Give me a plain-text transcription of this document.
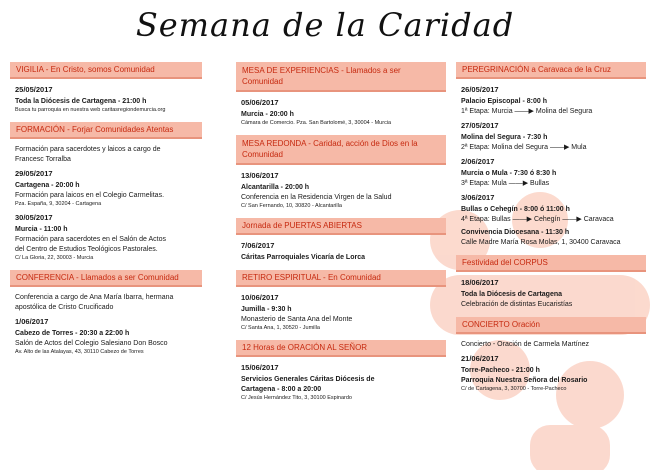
Semana de la Caridad
VIGILIA - En Cristo, somos Comunidad
25/05/2017
Toda la Diócesis de Cartagena - 21:00 h
Busca tu parroquia en nuestra web caritasregiondemurcia.org
FORMACIÓN - Forjar Comunidades Atentas
Formación para sacerdotes y laicos a cargo de
Francesc Torralba
29/05/2017
Cartagena - 20:00 h
Formación para laicos en el Colegio Carmelitas.
Pza. España, 9, 30204 - Cartagena
30/05/2017
Murcia - 11:00 h
Formación para sacerdotes en el Salón de Actos
del Centro de Estudios Teológicos Pastorales.
C/ La Gloria, 22, 30003 - Murcia
CONFERENCIA - Llamados a ser Comunidad
Conferencia a cargo de Ana María Ibarra, hermana
apostólica de Cristo Crucificado
1/06/2017
Cabezo de Torres - 20:30 a 22:00 h
Salón de Actos del Colegio Salesiano Don Bosco
Av. Alto de las Atalayas, 43, 30110 Cabezo de Torres
MESA DE EXPERIENCIAS - Llamados a ser Comunidad
05/06/2017
Murcia - 20:00 h
Cámara de Comercio. Pza. San Bartolomé, 3, 30004 - Murcia
MESA REDONDA - Caridad, acción de Dios en la Comunidad
13/06/2017
Alcantarilla - 20:00 h
Conferencia en la Residencia Virgen de la Salud
C/ San Fernando, 10, 30820 - Alcantarilla
Jornada de PUERTAS ABIERTAS
7/06/2017
Cáritas Parroquiales Vicaría de Lorca
RETIRO ESPIRITUAL - En Comunidad
10/06/2017
Jumilla - 9:30 h
Monasterio de Santa Ana del Monte
C/ Santa Ana, 1, 30520 - Jumilla
12 Horas de ORACIÓN AL SEÑOR
15/06/2017
Servicios Generales Cáritas Diócesis de
Cartagena - 8:00 a 20:00
C/ Jesús Hernández Tito, 3, 30100 Espinardo
PEREGRINACIÓN a Caravaca de la Cruz
26/05/2017
Palacio Episcopal - 8:00 h
1ª Etapa: Murcia ——▶ Molina del Segura
27/05/2017
Molina del Segura - 7:30 h
2ª Etapa: Molina del Segura ——▶ Mula
2/06/2017
Murcia o Mula - 7:30 ó 8:30 h
3ª Etapa: Mula ——▶ Bullas
3/06/2017
Bullas o Cehegín - 8:00 ó 11:00 h
4ª Etapa: Bullas ——▶ Cehegín ——▶ Caravaca
Convivencia Diocesana - 11:30 h
Calle Madre María Rosa Molas, 1, 30400 Caravaca
Festividad del CORPUS
18/06/2017
Toda la Diócesis de Cartagena
Celebración de distintas Eucaristías
CONCIERTO Oración
Concierto - Oración de Carmela Martínez
21/06/2017
Torre-Pacheco - 21:00 h
Parroquia Nuestra Señora del Rosario
C/ de Cartagena, 3, 30700 - Torre-Pacheco
